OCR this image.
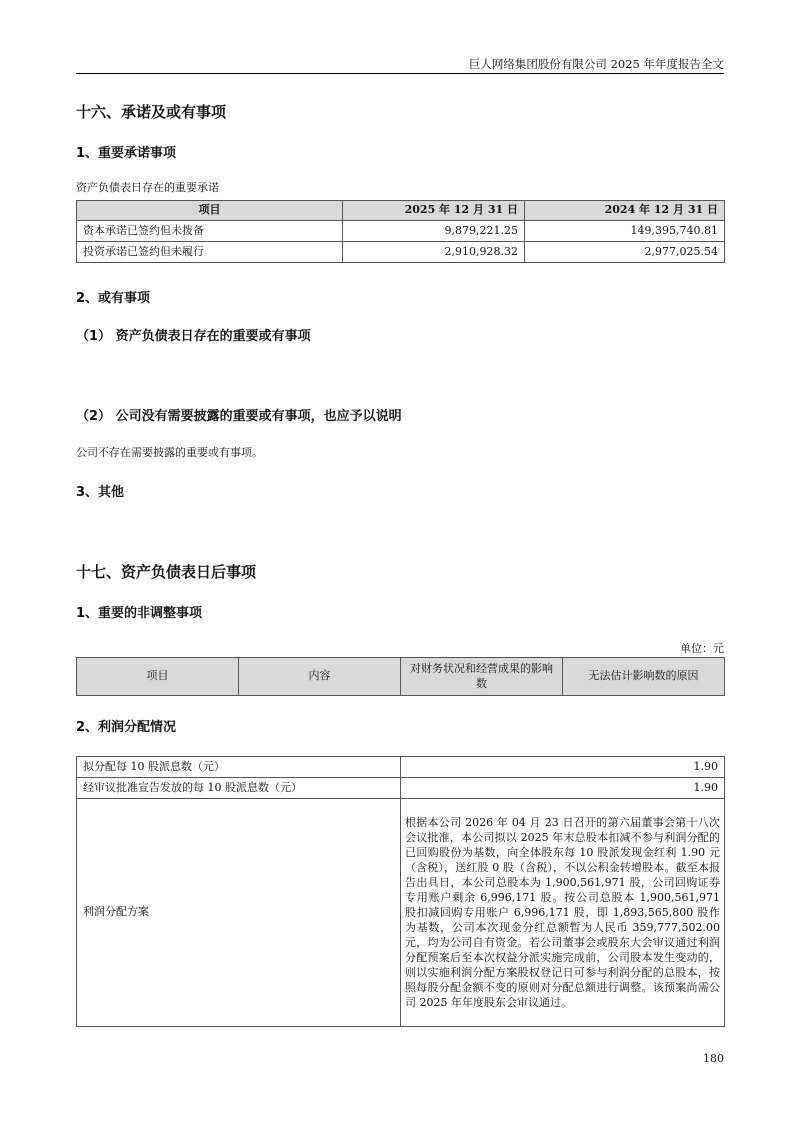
巨人网络集团股份有限公司 2025 年年度报告全文
十六、承诺及或有事项
1、重要承诺事项
资产负债表日存在的重要承诺
项目	2025 年 12 月 31 日	2024 年 12 月 31 日
资本承诺已签约但未拨备	9,879,221.25	149,395,740.81
投资承诺已签约但未履行	2,910,928.32	2,977,025.54
2、或有事项
（1） 资产负债表日存在的重要或有事项
（2） 公司没有需要披露的重要或有事项，也应予以说明
公司不存在需要披露的重要或有事项。
3、其他
十七、资产负债表日后事项
1、重要的非调整事项
单位：元
项目	内容	对财务状况和经营成果的影响数	无法估计影响数的原因
2、利润分配情况
拟分配每 10 股派息数（元）	1.90
经审议批准宣告发放的每 10 股派息数（元）	1.90
利润分配方案	根据本公司 2026 年 04 月 23 日召开的第六届董事会第十八次会议批准，本公司拟以 2025 年末总股本扣减不参与利润分配的已回购股份为基数，向全体股东每 10 股派发现金红利 1.90 元（含税），送红股 0 股（含税），不以公积金转增股本。截至本报告出具日，本公司总股本为 1,900,561,971 股，公司回购证券专用账户剩余 6,996,171 股。按公司总股本 1,900,561,971 股扣减回购专用账户 6,996,171 股，即 1,893,565,800 股作为基数，公司本次现金分红总额暂为人民币 359,777,502.00 元，均为公司自有资金。若公司董事会或股东大会审议通过利润分配预案后至本次权益分派实施完成前，公司股本发生变动的，则以实施利润分配方案股权登记日可参与利润分配的总股本，按照每股分配金额不变的原则对分配总额进行调整。该预案尚需公司 2025 年年度股东会审议通过。
180
